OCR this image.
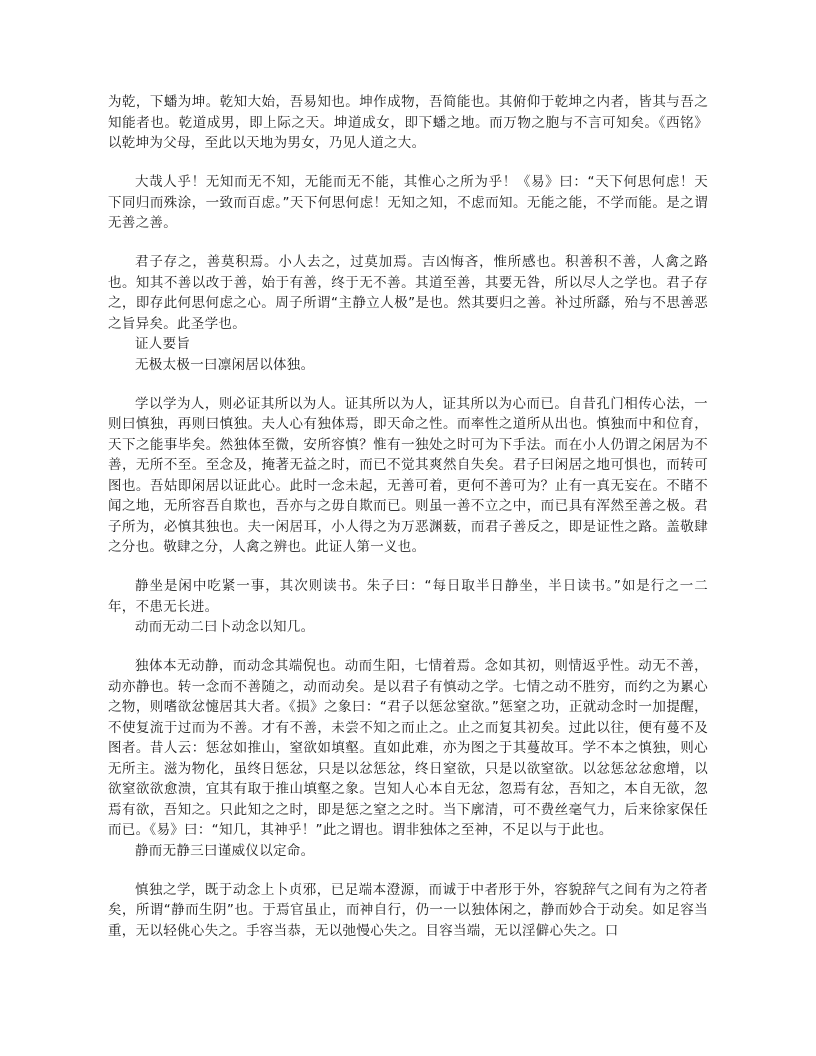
为乾，下蟠为坤。乾知大始，吾易知也。坤作成物，吾简能也。其俯仰于乾坤之内者，皆其与吾之知能者也。乾道成男，即上际之天。坤道成女，即下蟠之地。而万物之胞与不言可知矣。《西铭》以乾坤为父母，至此以天地为男女，乃见人道之大。

大哉人乎！无知而无不知，无能而无不能，其惟心之所为乎！《易》曰：“天下何思何虑！天下同归而殊涂，一致而百虑。”天下何思何虑！无知之知，不虑而知。无能之能，不学而能。是之谓无善之善。

君子存之，善莫积焉。小人去之，过莫加焉。吉凶悔吝，惟所感也。积善积不善，人禽之路也。知其不善以改于善，始于有善，终于无不善。其道至善，其要无咎，所以尽人之学也。君子存之，即存此何思何虑之心。周子所谓“主静立人极”是也。然其要归之善。补过所繇，殆与不思善恶之旨异矣。此圣学也。

证人要旨

无极太极一曰凛闲居以体独。

学以学为人，则必证其所以为人。证其所以为人，证其所以为心而已。自昔孔门相传心法，一则曰慎独，再则曰慎独。夫人心有独体焉，即天命之性。而率性之道所从出也。慎独而中和位育，天下之能事毕矣。然独体至微，安所容慎？惟有一独处之时可为下手法。而在小人仍谓之闲居为不善，无所不至。至念及，掩著无益之时，而已不觉其爽然自失矣。君子曰闲居之地可惧也，而转可图也。吾姑即闲居以证此心。此时一念未起，无善可着，更何不善可为？止有一真无妄在。不睹不闻之地，无所容吾自欺也，吾亦与之毋自欺而已。则虽一善不立之中，而已具有浑然至善之极。君子所为，必慎其独也。夫一闲居耳，小人得之为万恶渊薮，而君子善反之，即是证性之路。盖敬肆之分也。敬肆之分，人禽之辨也。此证人第一义也。

静坐是闲中吃紧一事，其次则读书。朱子曰：“每日取半日静坐，半日读书。”如是行之一二年，不患无长进。

动而无动二曰卜动念以知几。

独体本无动静，而动念其端倪也。动而生阳，七情着焉。念如其初，则情返乎性。动无不善，动亦静也。转一念而不善随之，动而动矣。是以君子有慎动之学。七情之动不胜穷，而约之为累心之物，则嗜欲忿懥居其大者。《损》之象曰：“君子以惩忿窒欲。”惩窒之功，正就动念时一加提醒，不使复流于过而为不善。才有不善，未尝不知之而止之。止之而复其初矣。过此以往，便有蔓不及图者。昔人云：惩忿如推山，窒欲如填壑。直如此难，亦为图之于其蔓故耳。学不本之慎独，则心无所主。滋为物化，虽终日惩忿，只是以忿惩忿，终日窒欲，只是以欲窒欲。以忿惩忿忿愈增，以欲窒欲欲愈溃，宜其有取于推山填壑之象。岂知人心本自无忿，忽焉有忿，吾知之，本自无欲，忽焉有欲，吾知之。只此知之之时，即是惩之窒之之时。当下廓清，可不费丝毫气力，后来徐家保任而已。《易》曰：“知几，其神乎！”此之谓也。谓非独体之至神，不足以与于此也。

静而无静三曰谨威仪以定命。

慎独之学，既于动念上卜贞邪，已足端本澄源，而诚于中者形于外，容貌辞气之间有为之符者矣，所谓“静而生阴”也。于焉官虽止，而神自行，仍一一以独体闲之，静而妙合于动矣。如足容当重，无以轻佻心失之。手容当恭，无以弛慢心失之。目容当端，无以淫僻心失之。口
